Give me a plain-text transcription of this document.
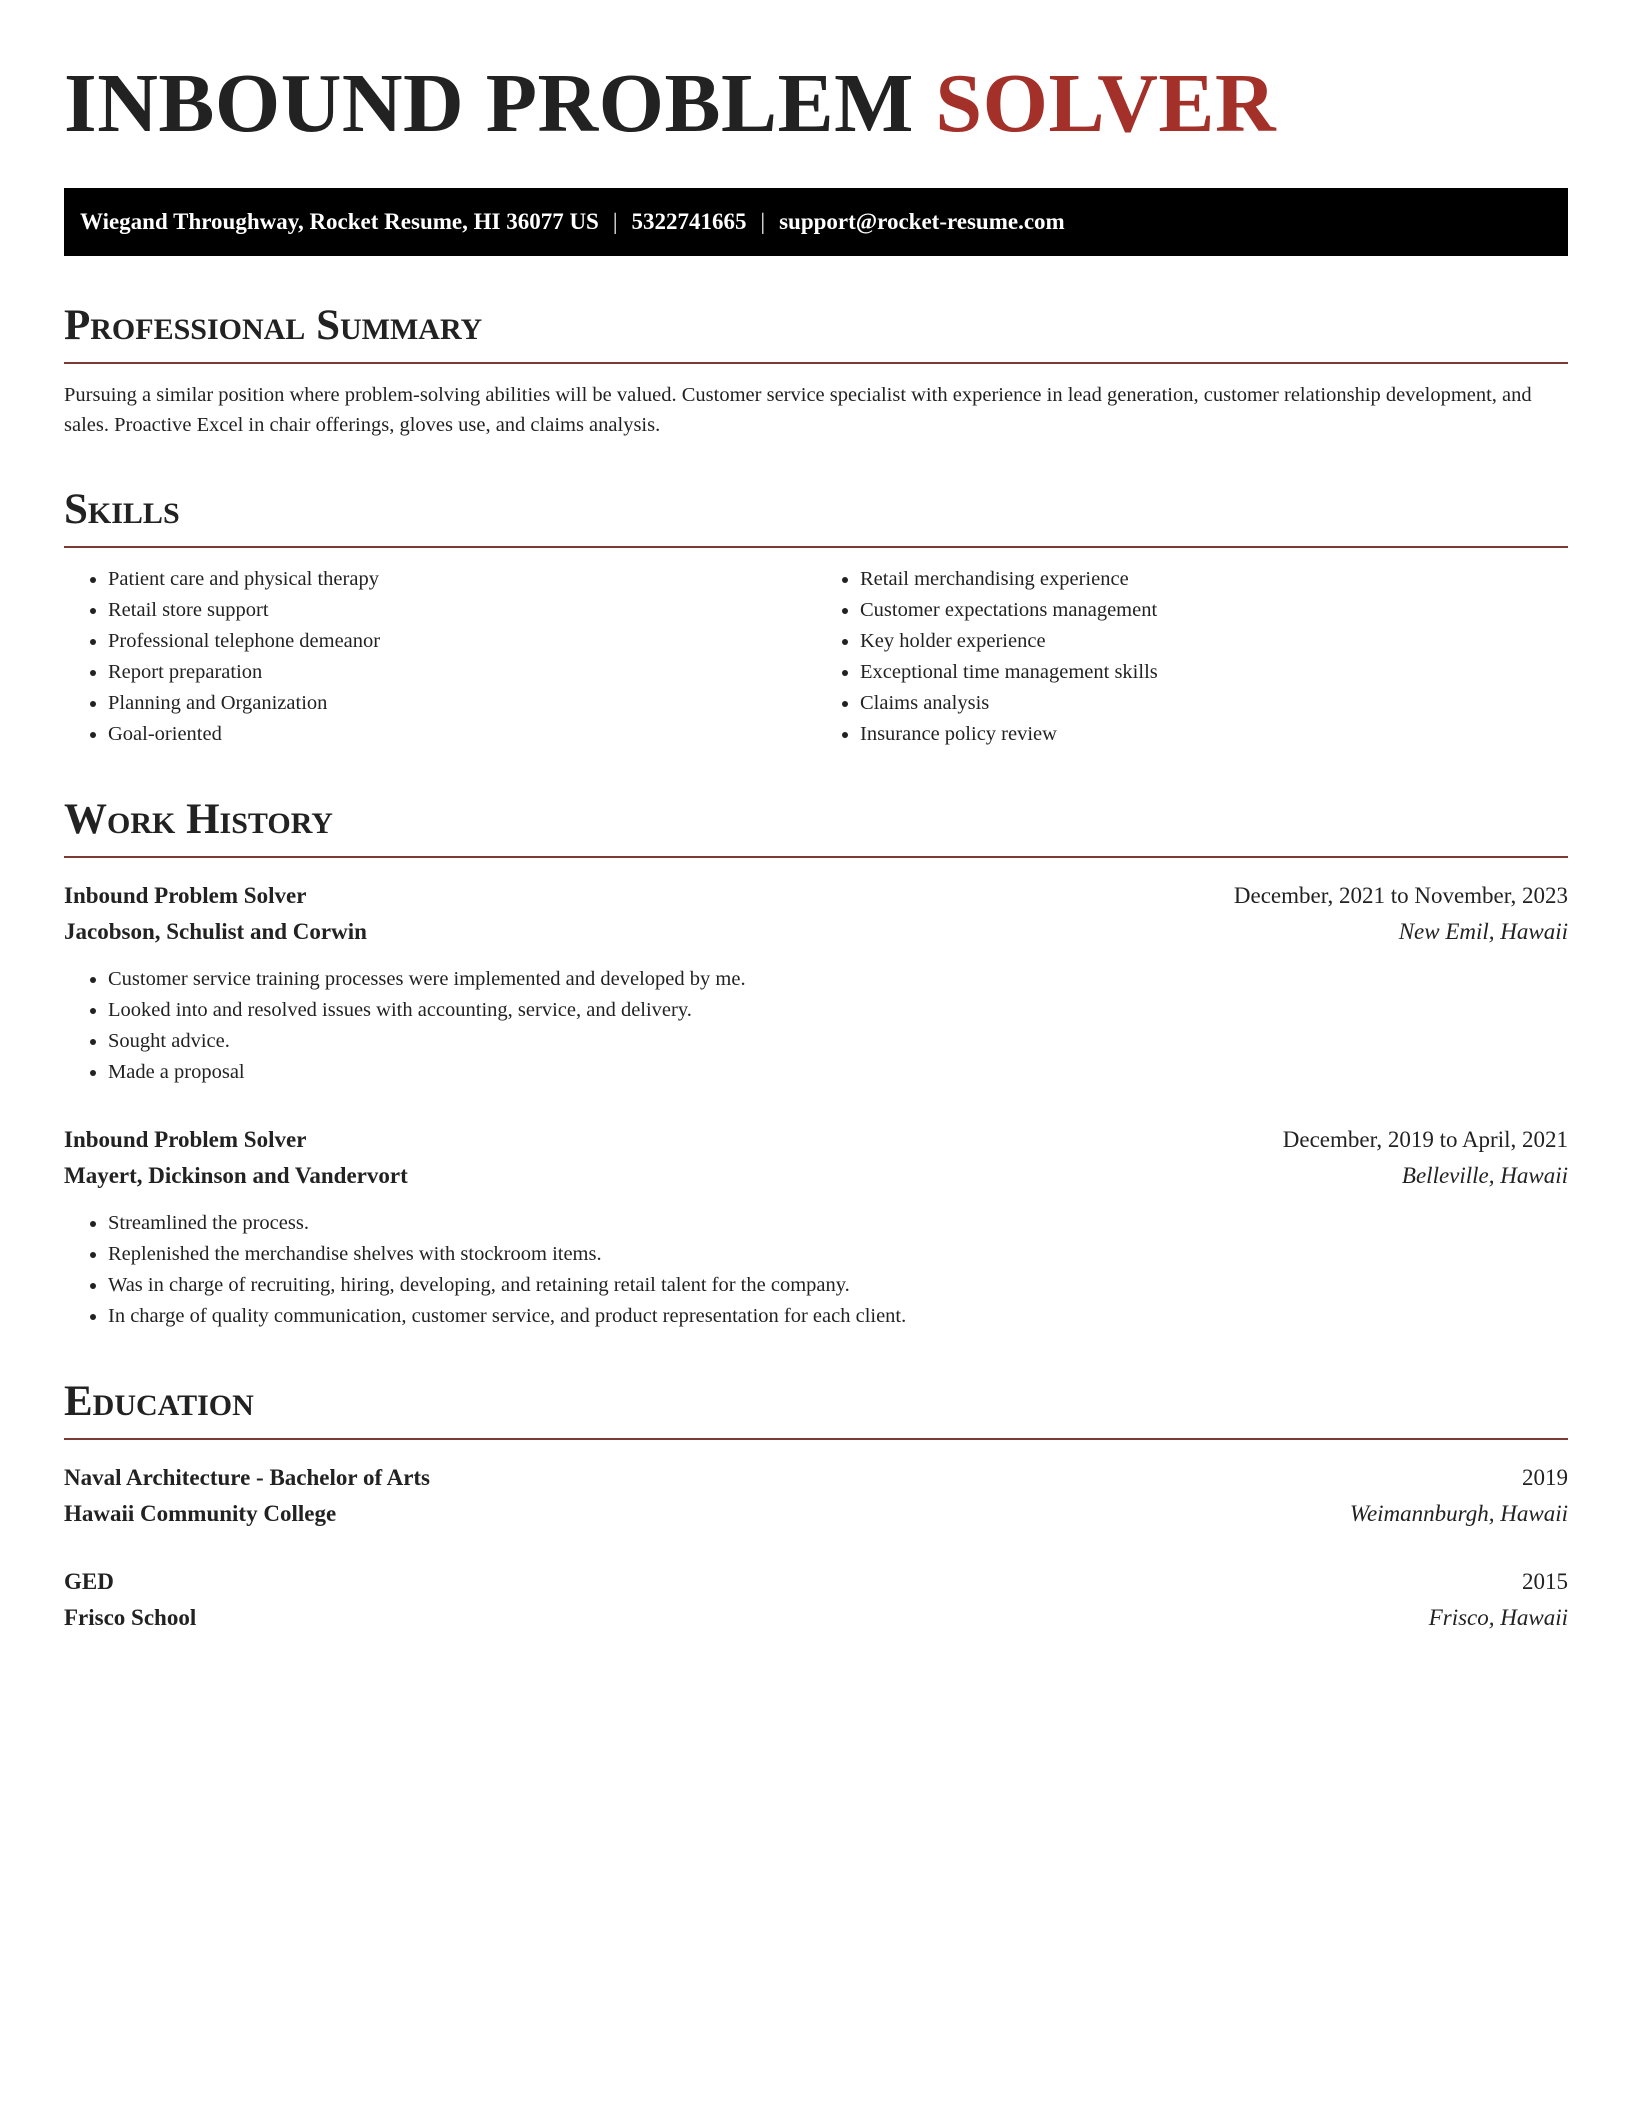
INBOUND PROBLEM SOLVER
Wiegand Throughway, Rocket Resume, HI 36077 US | 5322741665 | support@rocket-resume.com
Professional Summary

Pursuing a similar position where problem-solving abilities will be valued. Customer service specialist with experience in lead generation, customer relationship development, and sales. Proactive Excel in chair offerings, gloves use, and claims analysis.

Skills
• Patient care and physical therapy
• Retail store support
• Professional telephone demeanor
• Report preparation
• Planning and Organization
• Goal-oriented
• Retail merchandising experience
• Customer expectations management
• Key holder experience
• Exceptional time management skills
• Claims analysis
• Insurance policy review
Work History
Inbound Problem Solver	December, 2021 to November, 2023
Jacobson, Schulist and Corwin	New Emil, Hawaii
• Customer service training processes were implemented and developed by me.
• Looked into and resolved issues with accounting, service, and delivery.
• Sought advice.
• Made a proposal
Inbound Problem Solver	December, 2019 to April, 2021
Mayert, Dickinson and Vandervort	Belleville, Hawaii
• Streamlined the process.
• Replenished the merchandise shelves with stockroom items.
• Was in charge of recruiting, hiring, developing, and retaining retail talent for the company.
• In charge of quality communication, customer service, and product representation for each client.
Education
Naval Architecture - Bachelor of Arts	2019
Hawaii Community College	Weimannburgh, Hawaii
GED	2015
Frisco School	Frisco, Hawaii
